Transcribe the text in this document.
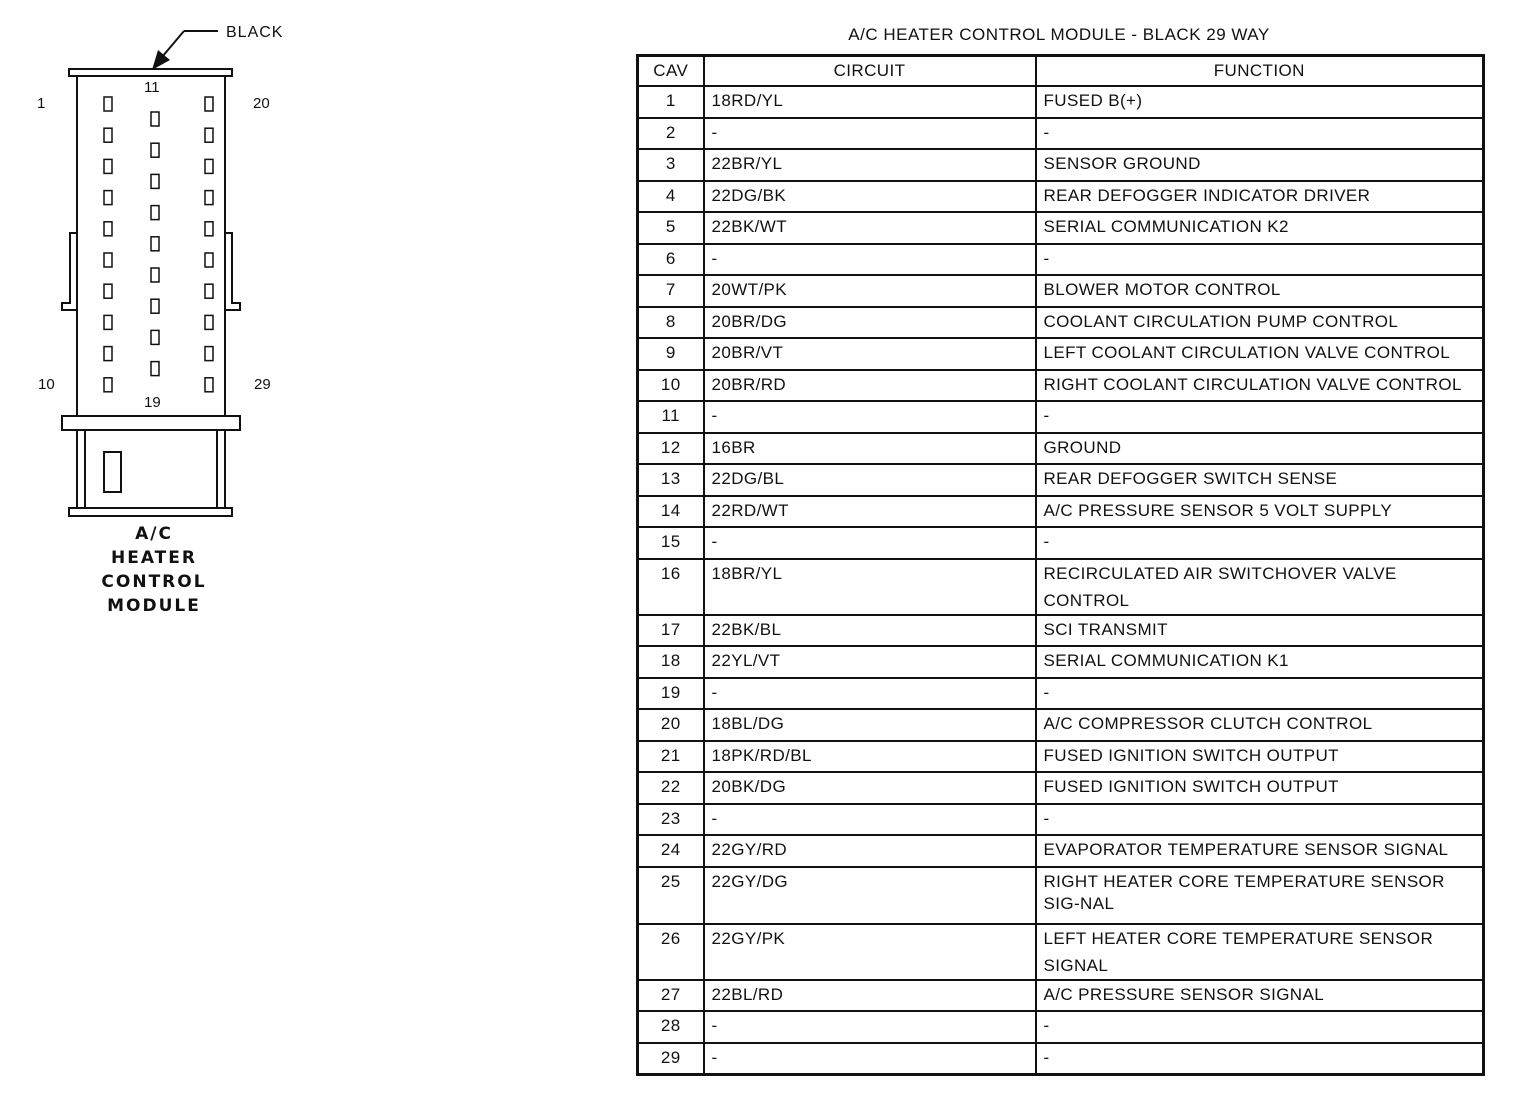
BLACK
1	20
11
10	29
19
A/C
HEATER
CONTROL
MODULE
A/C HEATER CONTROL MODULE - BLACK 29 WAY
CAV	CIRCUIT	FUNCTION
1	18RD/YL	FUSED B(+)
2	-	-
3	22BR/YL	SENSOR GROUND
4	22DG/BK	REAR DEFOGGER INDICATOR DRIVER
5	22BK/WT	SERIAL COMMUNICATION K2
6	-	-
7	20WT/PK	BLOWER MOTOR CONTROL
8	20BR/DG	COOLANT CIRCULATION PUMP CONTROL
9	20BR/VT	LEFT COOLANT CIRCULATION VALVE CONTROL
10	20BR/RD	RIGHT COOLANT CIRCULATION VALVE CONTROL
11	-	-
12	16BR	GROUND
13	22DG/BL	REAR DEFOGGER SWITCH SENSE
14	22RD/WT	A/C PRESSURE SENSOR 5 VOLT SUPPLY
15	-	-
16	18BR/YL	RECIRCULATED AIR SWITCHOVER VALVE CONTROL
17	22BK/BL	SCI TRANSMIT
18	22YL/VT	SERIAL COMMUNICATION K1
19	-	-
20	18BL/DG	A/C COMPRESSOR CLUTCH CONTROL
21	18PK/RD/BL	FUSED IGNITION SWITCH OUTPUT
22	20BK/DG	FUSED IGNITION SWITCH OUTPUT
23	-	-
24	22GY/RD	EVAPORATOR TEMPERATURE SENSOR SIGNAL
25	22GY/DG	RIGHT HEATER CORE TEMPERATURE SENSOR SIG-NAL
26	22GY/PK	LEFT HEATER CORE TEMPERATURE SENSOR SIGNAL
27	22BL/RD	A/C PRESSURE SENSOR SIGNAL
28	-	-
29	-	-
